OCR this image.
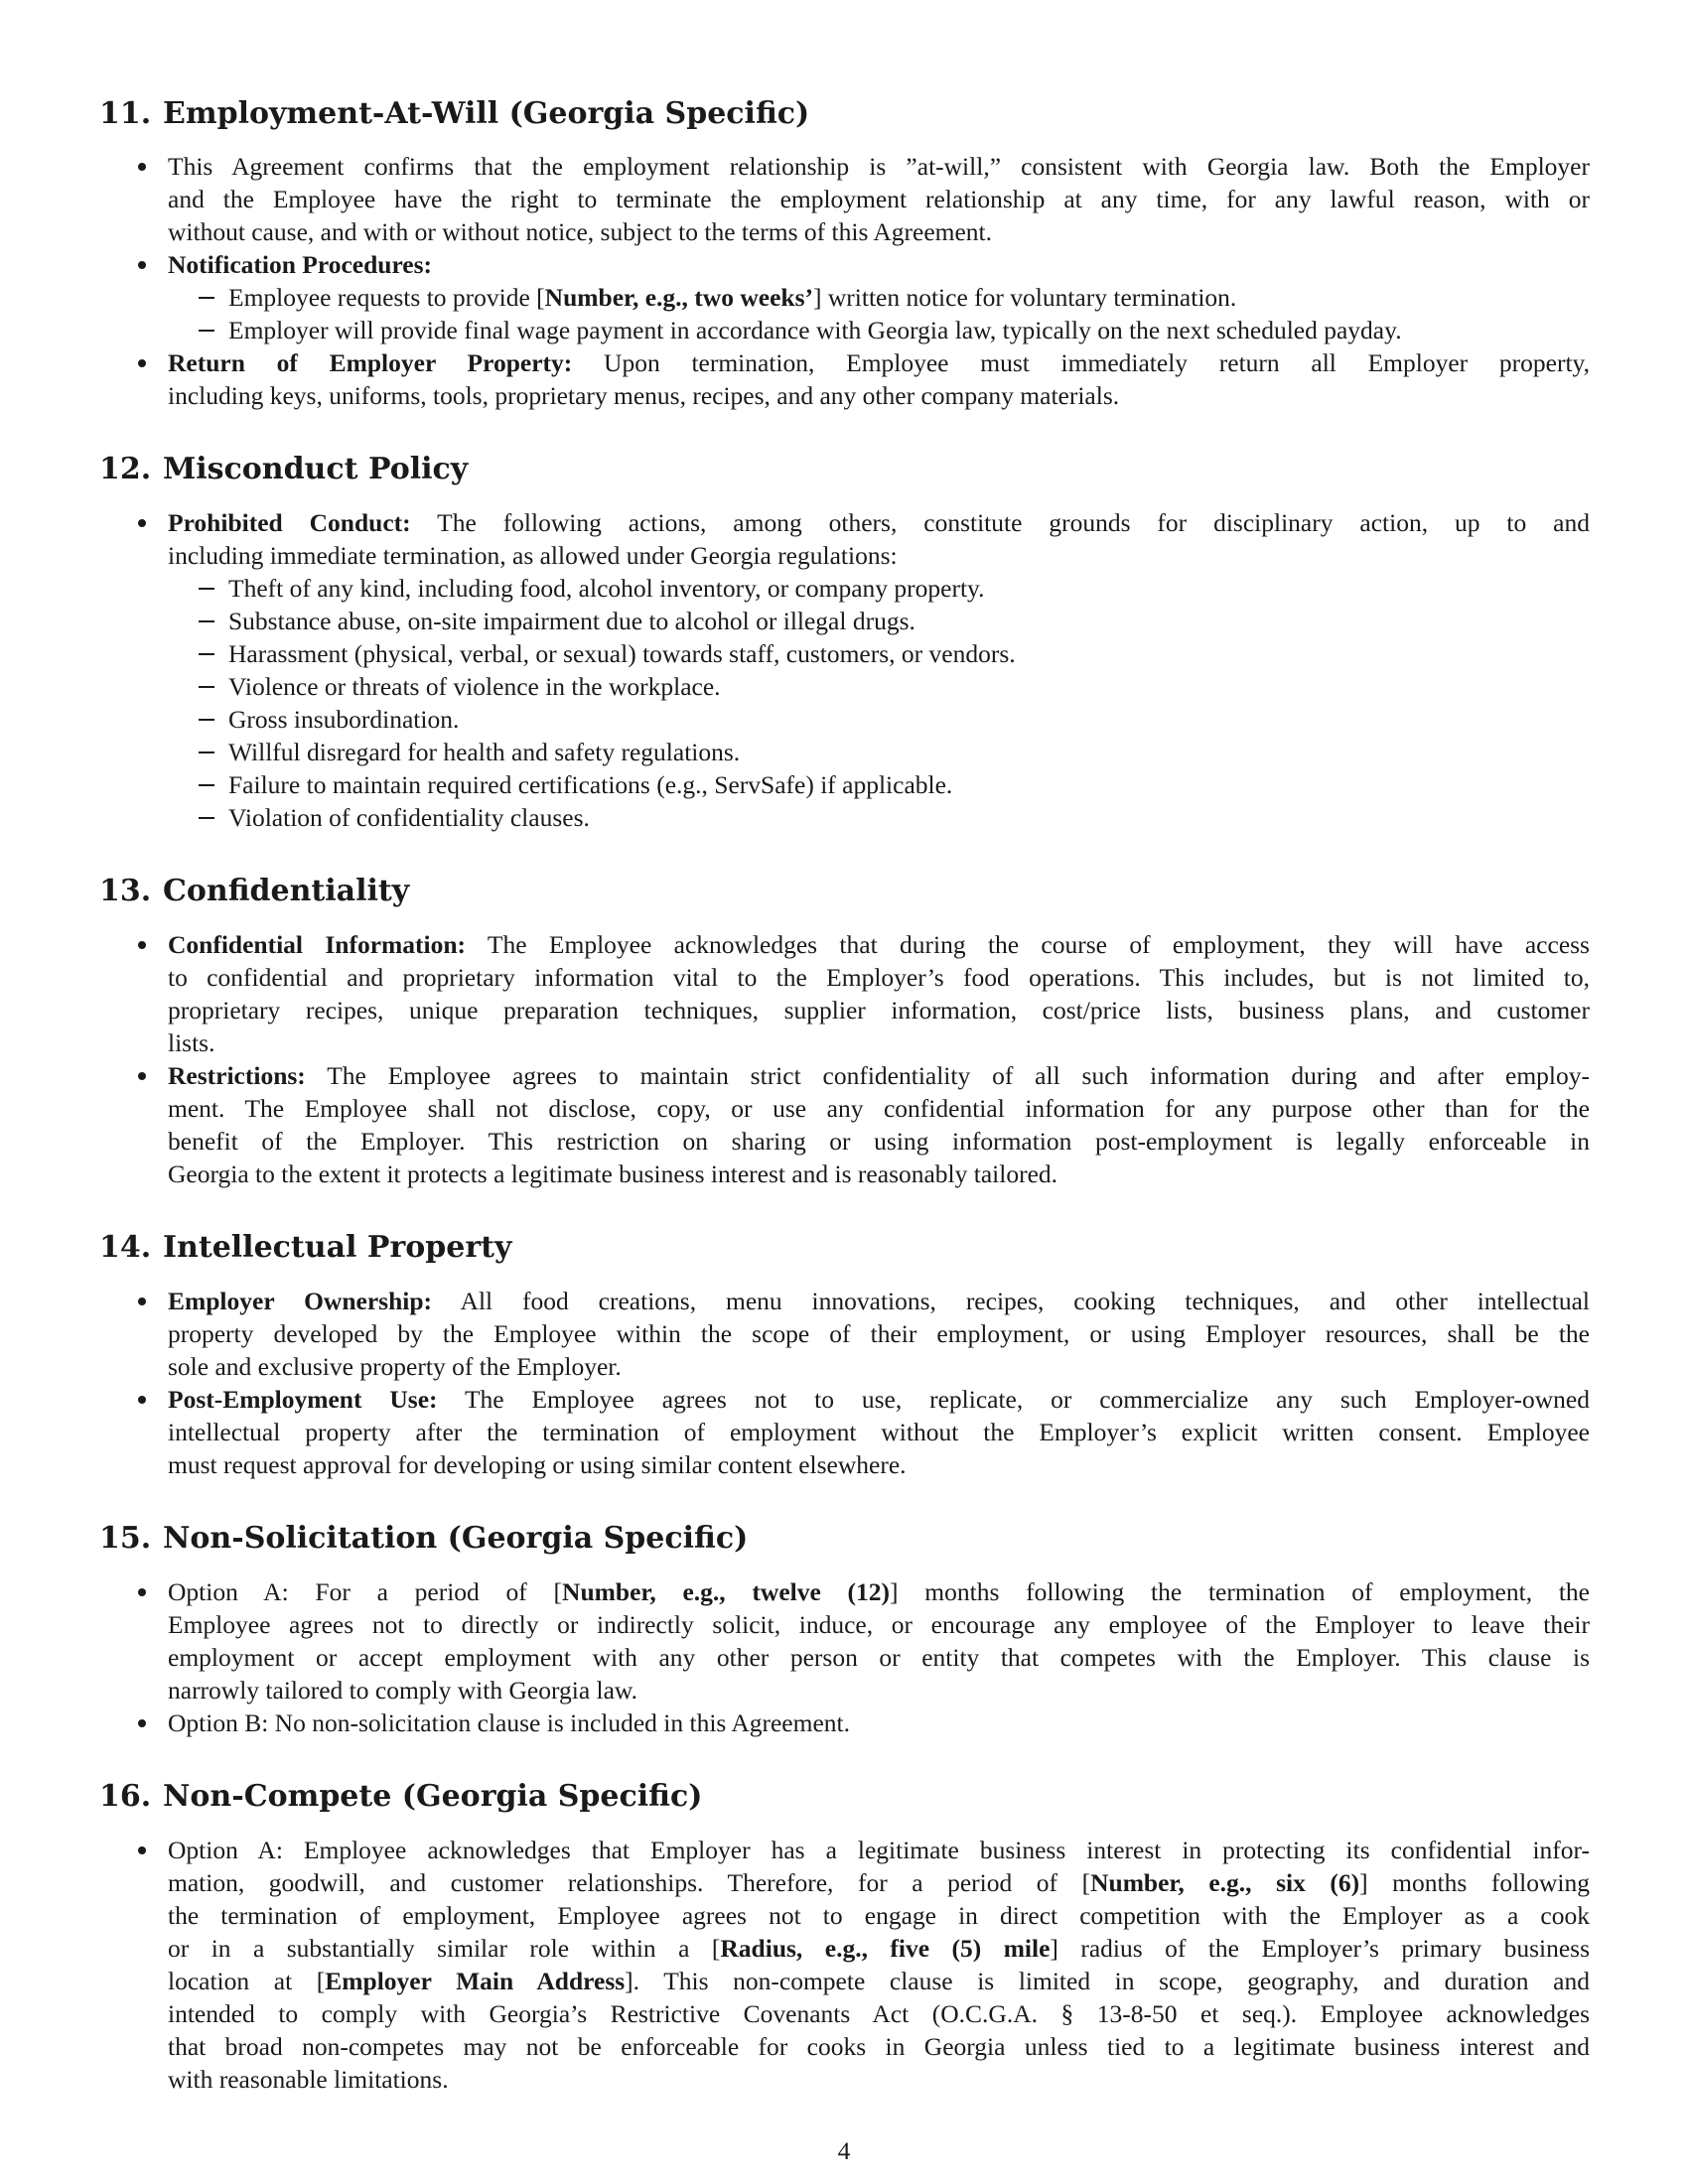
11. Employment-At-Will (Georgia Specific)
This Agreement confirms that the employment relationship is ”at-will,” consistent with Georgia law. Both the Employer
and the Employee have the right to terminate the employment relationship at any time, for any lawful reason, with or
without cause, and with or without notice, subject to the terms of this Agreement.
Notification Procedures:
Employee requests to provide [Number, e.g., two weeks’] written notice for voluntary termination.
Employer will provide final wage payment in accordance with Georgia law, typically on the next scheduled payday.
Return of Employer Property: Upon termination, Employee must immediately return all Employer property,
including keys, uniforms, tools, proprietary menus, recipes, and any other company materials.
12. Misconduct Policy
Prohibited Conduct: The following actions, among others, constitute grounds for disciplinary action, up to and
including immediate termination, as allowed under Georgia regulations:
Theft of any kind, including food, alcohol inventory, or company property.
Substance abuse, on-site impairment due to alcohol or illegal drugs.
Harassment (physical, verbal, or sexual) towards staff, customers, or vendors.
Violence or threats of violence in the workplace.
Gross insubordination.
Willful disregard for health and safety regulations.
Failure to maintain required certifications (e.g., ServSafe) if applicable.
Violation of confidentiality clauses.
13. Confidentiality
Confidential Information: The Employee acknowledges that during the course of employment, they will have access
to confidential and proprietary information vital to the Employer’s food operations. This includes, but is not limited to,
proprietary recipes, unique preparation techniques, supplier information, cost/price lists, business plans, and customer
lists.
Restrictions: The Employee agrees to maintain strict confidentiality of all such information during and after employ-
ment. The Employee shall not disclose, copy, or use any confidential information for any purpose other than for the
benefit of the Employer. This restriction on sharing or using information post-employment is legally enforceable in
Georgia to the extent it protects a legitimate business interest and is reasonably tailored.
14. Intellectual Property
Employer Ownership: All food creations, menu innovations, recipes, cooking techniques, and other intellectual
property developed by the Employee within the scope of their employment, or using Employer resources, shall be the
sole and exclusive property of the Employer.
Post-Employment Use: The Employee agrees not to use, replicate, or commercialize any such Employer-owned
intellectual property after the termination of employment without the Employer’s explicit written consent. Employee
must request approval for developing or using similar content elsewhere.
15. Non-Solicitation (Georgia Specific)
Option A: For a period of [Number, e.g., twelve (12)] months following the termination of employment, the
Employee agrees not to directly or indirectly solicit, induce, or encourage any employee of the Employer to leave their
employment or accept employment with any other person or entity that competes with the Employer. This clause is
narrowly tailored to comply with Georgia law.
Option B: No non-solicitation clause is included in this Agreement.
16. Non-Compete (Georgia Specific)
Option A: Employee acknowledges that Employer has a legitimate business interest in protecting its confidential infor-
mation, goodwill, and customer relationships. Therefore, for a period of [Number, e.g., six (6)] months following
the termination of employment, Employee agrees not to engage in direct competition with the Employer as a cook
or in a substantially similar role within a [Radius, e.g., five (5) mile] radius of the Employer’s primary business
location at [Employer Main Address]. This non-compete clause is limited in scope, geography, and duration and
intended to comply with Georgia’s Restrictive Covenants Act (O.C.G.A. § 13-8-50 et seq.). Employee acknowledges
that broad non-competes may not be enforceable for cooks in Georgia unless tied to a legitimate business interest and
with reasonable limitations.
4
